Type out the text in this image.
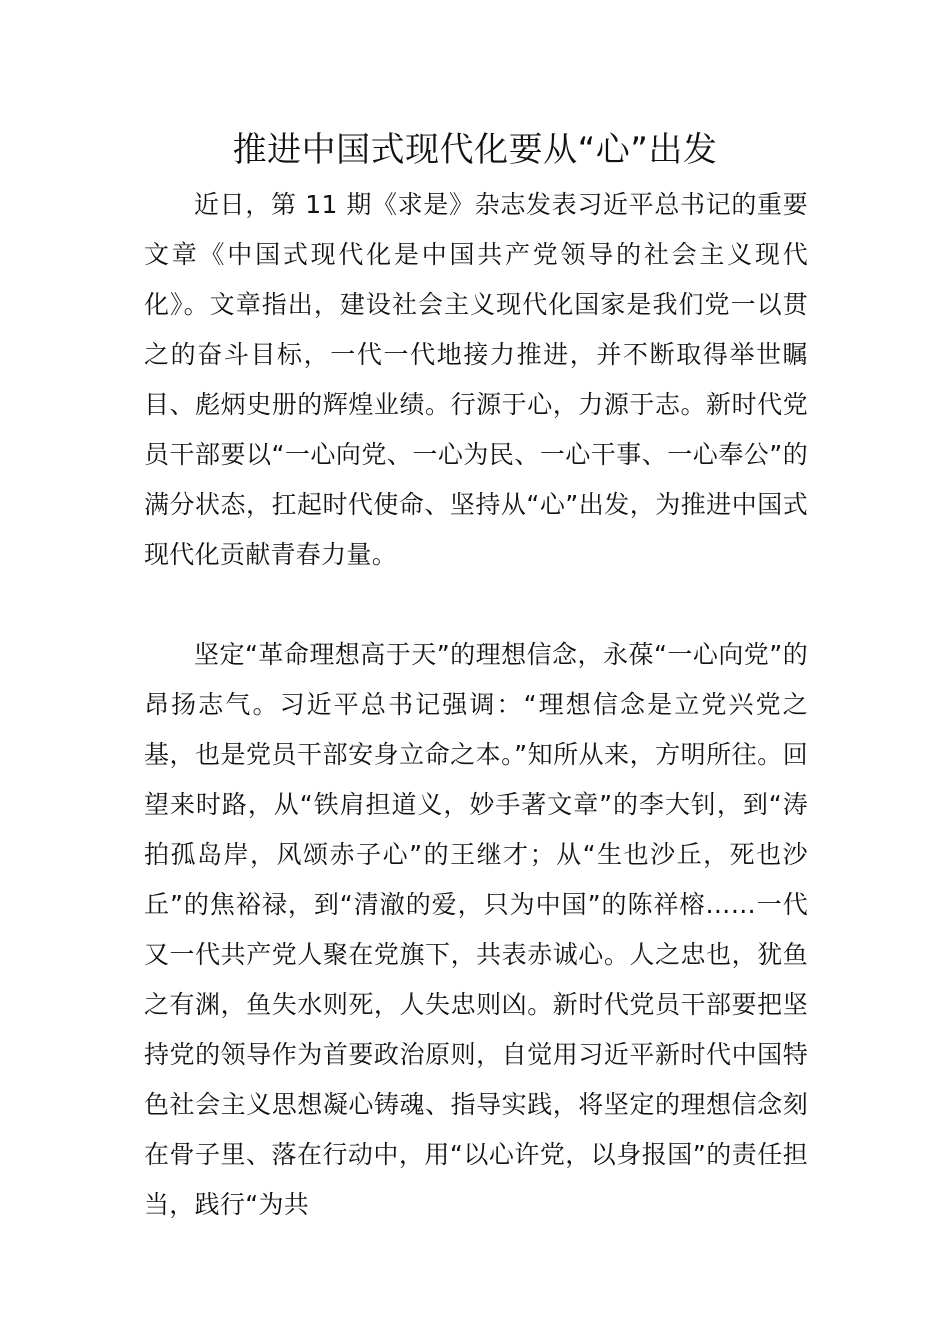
推进中国式现代化要从“心”出发

近日，第 11 期《求是》杂志发表习近平总书记的重要文章《中国式现代化是中国共产党领导的社会主义现代化》。文章指出，建设社会主义现代化国家是我们党一以贯之的奋斗目标，一代一代地接力推进，并不断取得举世瞩目、彪炳史册的辉煌业绩。行源于心，力源于志。新时代党员干部要以“一心向党、一心为民、一心干事、一心奉公”的满分状态，扛起时代使命、坚持从“心”出发，为推进中国式现代化贡献青春力量。

坚定“革命理想高于天”的理想信念，永葆“一心向党”的昂扬志气。习近平总书记强调：“理想信念是立党兴党之基，也是党员干部安身立命之本。”知所从来，方明所往。回望来时路，从“铁肩担道义，妙手著文章”的李大钊，到“涛拍孤岛岸，风颂赤子心”的王继才；从“生也沙丘，死也沙丘”的焦裕禄，到“清澈的爱，只为中国”的陈祥榕……一代又一代共产党人聚在党旗下，共表赤诚心。人之忠也，犹鱼之有渊，鱼失水则死，人失忠则凶。新时代党员干部要把坚持党的领导作为首要政治原则，自觉用习近平新时代中国特色社会主义思想凝心铸魂、指导实践，将坚定的理想信念刻在骨子里、落在行动中，用“以心许党，以身报国”的责任担当，践行“为共
